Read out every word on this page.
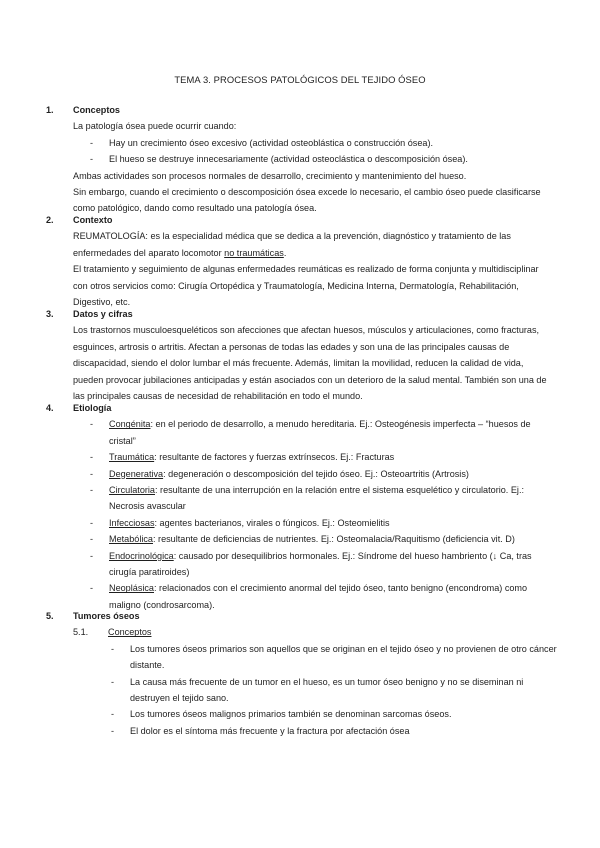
TEMA 3. PROCESOS PATOLÓGICOS DEL TEJIDO ÓSEO
1. Conceptos

La patología ósea puede ocurrir cuando:

- Hay un crecimiento óseo excesivo (actividad osteoblástica o construcción ósea).
- El hueso se destruye innecesariamente (actividad osteoclástica o descomposición ósea).

Ambas actividades son procesos normales de desarrollo, crecimiento y mantenimiento del hueso.

Sin embargo, cuando el crecimiento o descomposición ósea excede lo necesario, el cambio óseo puede clasificarse como patológico, dando como resultado una patología ósea.

2. Contexto

REUMATOLOGÍA: es la especialidad médica que se dedica a la prevención, diagnóstico y tratamiento de las enfermedades del aparato locomotor no traumáticas.

El tratamiento y seguimiento de algunas enfermedades reumáticas es realizado de forma conjunta y multidisciplinar con otros servicios como: Cirugía Ortopédica y Traumatología, Medicina Interna, Dermatología, Rehabilitación, Digestivo, etc.

3. Datos y cifras

Los trastornos musculoesqueléticos son afecciones que afectan huesos, músculos y articulaciones, como fracturas, esguinces, artrosis o artritis. Afectan a personas de todas las edades y son una de las principales causas de discapacidad, siendo el dolor lumbar el más frecuente. Además, limitan la movilidad, reducen la calidad de vida, pueden provocar jubilaciones anticipadas y están asociados con un deterioro de la salud mental. También son una de las principales causas de necesidad de rehabilitación en todo el mundo.

4. Etiología
- Congénita: en el periodo de desarrollo, a menudo hereditaria. Ej.: Osteogénesis imperfecta – “huesos de cristal”
- Traumática: resultante de factores y fuerzas extrínsecos. Ej.: Fracturas
- Degenerativa: degeneración o descomposición del tejido óseo. Ej.: Osteoartritis (Artrosis)
- Circulatoria: resultante de una interrupción en la relación entre el sistema esquelético y circulatorio. Ej.: Necrosis avascular
- Infecciosas: agentes bacterianos, virales o fúngicos. Ej.: Osteomielitis
- Metabólica: resultante de deficiencias de nutrientes. Ej.: Osteomalacia/Raquitismo (deficiencia vit. D)
- Endocrinológica: causado por desequilibrios hormonales. Ej.: Síndrome del hueso hambriento (↓ Ca, tras cirugía paratiroides)
- Neoplásica: relacionados con el crecimiento anormal del tejido óseo, tanto benigno (encondroma) como maligno (condrosarcoma).
5. Tumores óseos
5.1. Conceptos
- Los tumores óseos primarios son aquellos que se originan en el tejido óseo y no provienen de otro cáncer distante.
- La causa más frecuente de un tumor en el hueso, es un tumor óseo benigno y no se diseminan ni destruyen el tejido sano.
- Los tumores óseos malignos primarios también se denominan sarcomas óseos.
- El dolor es el síntoma más frecuente y la fractura por afectación ósea
